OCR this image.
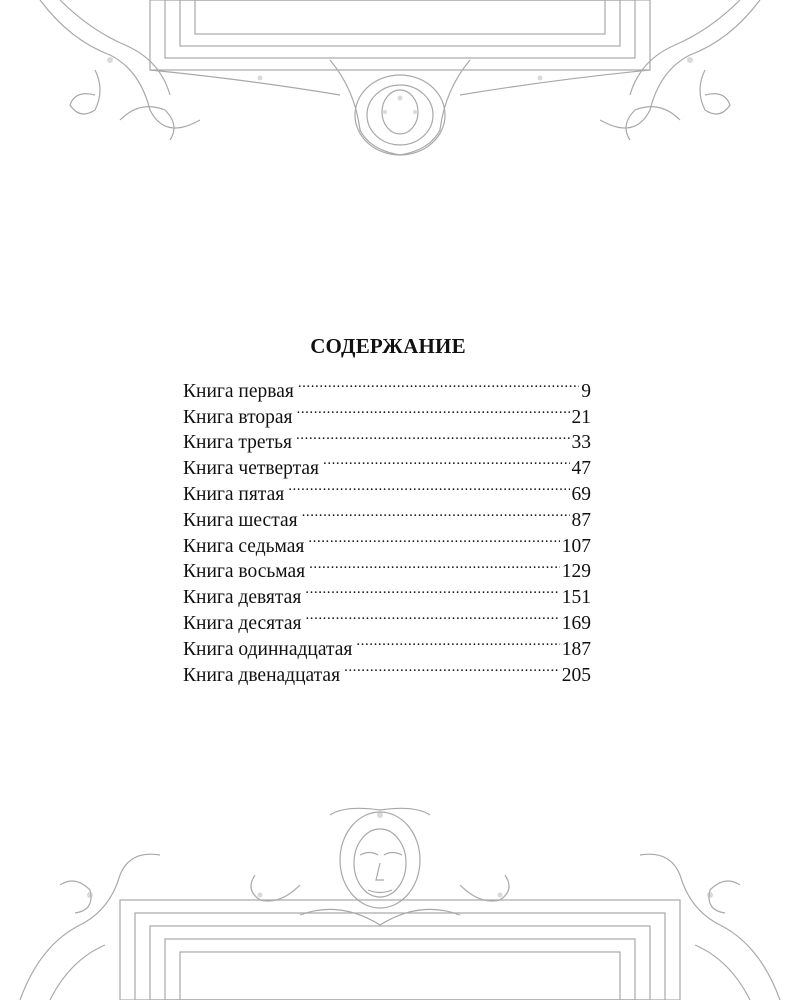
СОДЕРЖАНИЕ
Книга первая . . .	9
Книга вторая . . .	21
Книга третья . . .	33
Книга четвертая . . .	47
Книга пятая . . .	69
Книга шестая . . .	87
Книга седьмая . . .	107
Книга восьмая . . .	129
Книга девятая . . .	151
Книга десятая . . .	169
Книга одиннадцатая . . .	187
Книга двенадцатая . . .	205
